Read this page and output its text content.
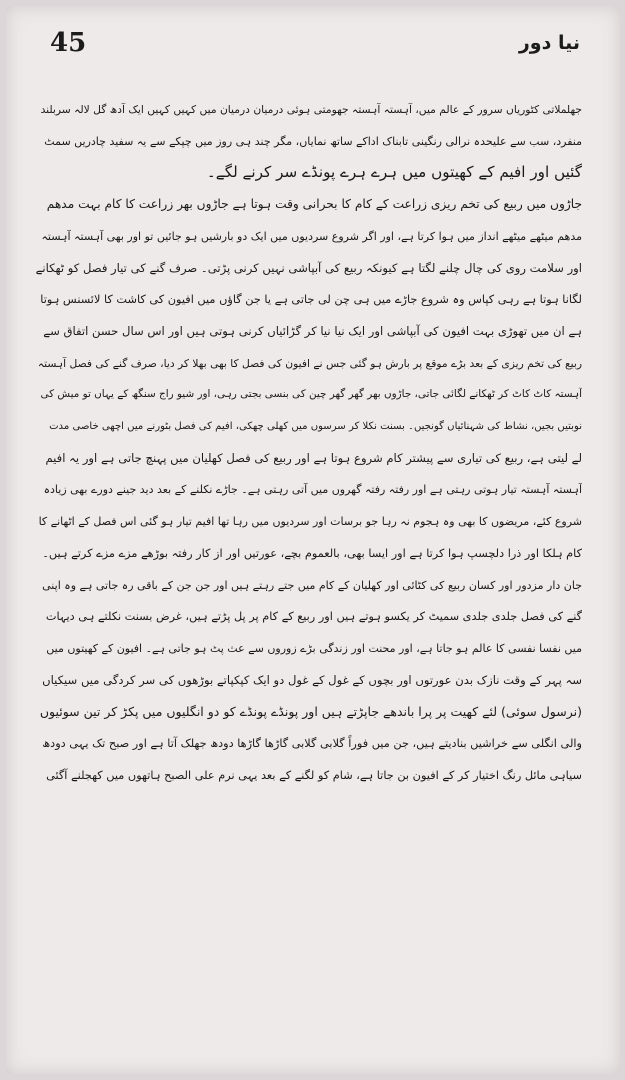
45	نیا دور
جھلملاتی کٹوریاں سرور کے عالم میں، آہستہ آہستہ جھومتی ہوئی درمیان درمیان میں کہیں کہیں ایک آدھ گل لالہ سربلند
منفرد، سب سے علیحدہ نرالی رنگینی تابناک اداکے ساتھ نمایاں، مگر چند ہی روز میں چپکے سے یہ سفید چادریں سمٹ
گئیں اور افیم کے کھیتوں میں ہرے ہرے پونڈے سر کرنے لگے۔
جاڑوں میں ربیع کی تخم ریزی زراعت کے کام کا بحرانی وقت ہوتا ہے جاڑوں بھر زراعت کا کام بہت مدھم
مدھم میٹھے میٹھے انداز میں ہوا کرتا ہے، اور اگر شروع سردیوں میں ایک دو بارشیں ہو جائیں تو اور بھی آہستہ آہستہ
اور سلامت روی کی چال چلنے لگتا ہے کیونکہ ربیع کی آبپاشی نہیں کرنی پڑتی۔ صرف گنے کی تیار فصل کو ٹھکانے
لگانا ہوتا ہے رہی کپاس وہ شروع جاڑے میں ہی چن لی جاتی ہے یا جن گاؤں میں افیون کی کاشت کا لائسنس ہوتا
ہے ان میں تھوڑی بہت افیون کی آبپاشی اور ایک نیا نیا کر گڑائیاں کرنی ہوتی ہیں اور اس سال حسن اتفاق سے
ربیع کی تخم ریزی کے بعد بڑے موقع پر بارش ہو گئی جس نے افیون کی فصل کا بھی بھلا کر دیا، صرف گنے کی فصل آہستہ
آہستہ کاٹ کاٹ کر ٹھکانے لگائی جاتی، جاڑوں بھر گھر گھر چین کی بنسی بجتی رہی، اور شیو راج سنگھ کے یہاں تو میش کی
نوبتیں بجیں، نشاط کی شہنائیاں گونجیں۔ بسنت نکلا کر سرسوں میں کھلی چھکی، افیم کی فصل بٹورنے میں اچھی خاصی مدت
لے لیتی ہے، ربیع کی تیاری سے پیشتر کام شروع ہوتا ہے اور ربیع کی فصل کھلیان میں پہنچ جاتی ہے اور یہ افیم
آہستہ آہستہ تیار ہوتی رہتی ہے اور رفتہ رفتہ گھروں میں آتی رہتی ہے۔ جاڑے نکلنے کے بعد دید جینے دورے بھی زیادہ
شروع کئے، مریضوں کا بھی وہ ہجوم نہ رہا جو برسات اور سردیوں میں رہا تھا افیم تیار ہو گئی اس فصل کے اٹھانے کا
کام ہلکا اور ذرا دلچسپ ہوا کرتا ہے اور ایسا بھی، بالعموم بچے، عورتیں اور از کار رفتہ بوڑھے مزے مزے کرتے ہیں۔
جان دار مزدور اور کسان ربیع کی کٹائی اور کھلیان کے کام میں جتے رہتے ہیں اور جن جن کے باقی رہ جاتی ہے وہ اپنی
گنے کی فصل جلدی جلدی سمیٹ کر یکسو ہوتے ہیں اور ربیع کے کام پر پل پڑتے ہیں، غرض بسنت نکلتے ہی دیہات
میں نفسا نفسی کا عالم ہو جاتا ہے، اور محنت اور زندگی بڑے زوروں سے عث پٹ ہو جاتی ہے۔ افیون کے کھیتوں میں
سہ پہر کے وقت نازک بدن عورتوں اور بچوں کے غول کے غول دو ایک کپکپاتے بوڑھوں کی سر کردگی میں سیکیاں
(نرسول سوئی) لئے کھیت پر پرا باندھے جاپڑتے ہیں اور پونڈے پونڈے کو دو انگلیوں میں پکڑ کر تین سوئیوں
والی انگلی سے خراشیں بنادیتے ہیں، جن میں فوراً گلابی گلابی گاڑھا گاڑھا دودھ جھلک آتا ہے اور صبح تک یہی دودھ
سیاہی مائل رنگ اختیار کر کے افیون بن جاتا ہے، شام کو لگنے کے بعد یہی نرم علی الصبح ہاتھوں میں کھجلنے آگئی
